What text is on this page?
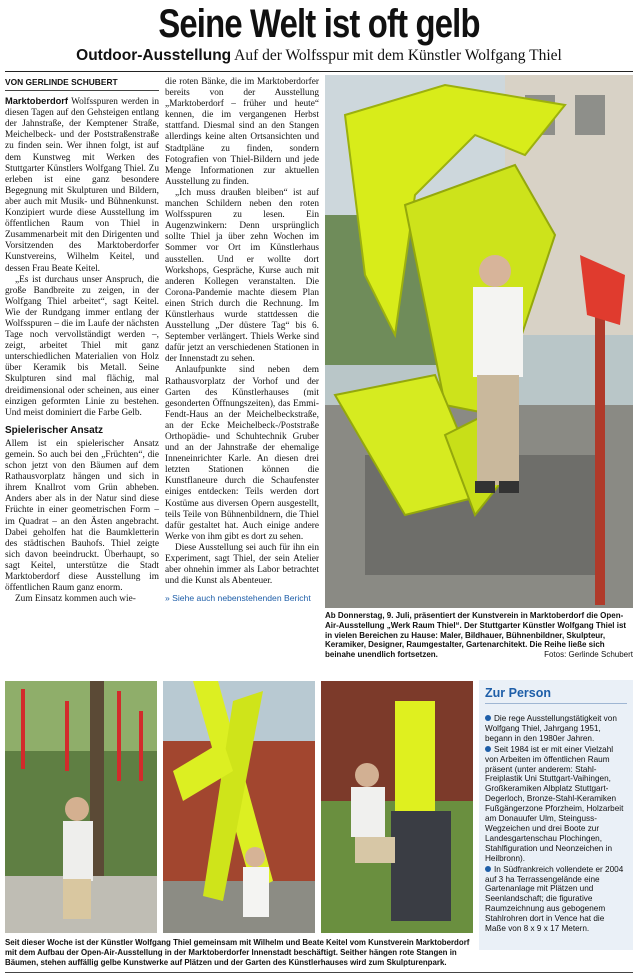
Seine Welt ist oft gelb
Outdoor-Ausstellung Auf der Wolfsspur mit dem Künstler Wolfgang Thiel
VON GERLINDE SCHUBERT

Marktoberdorf Wolfsspuren werden in diesen Tagen auf den Gehsteigen entlang der Jahnstraße, der Kemptener Straße, Meichelbeck- und der Poststraßenstraße zu finden sein. Wer ihnen folgt, ist auf dem Kunstweg mit Werken des Stuttgarter Künstlers Wolfgang Thiel. Zu erleben ist eine ganz besondere Begegnung mit Skulpturen und Bildern, aber auch mit Musik- und Bühnenkunst. Konzipiert wurde diese Ausstellung im öffentlichen Raum von Thiel in Zusammenarbeit mit den Dirigenten und Vorsitzenden des Marktoberdorfer Kunstvereins, Wilhelm Keitel, und dessen Frau Beate Keitel.

„Es ist durchaus unser Anspruch, die große Bandbreite zu zeigen, in der Wolfgang Thiel arbeitet“, sagt Keitel. Wie der Rundgang immer entlang der Wolfsspuren – die im Laufe der nächsten Tage noch vervollständigt werden –, zeigt, arbeitet Thiel mit ganz unterschiedlichen Materialien von Holz über Keramik bis Metall. Seine Skulpturen sind mal flächig, mal dreidimensional oder scheinen, aus einer einzigen geformten Linie zu bestehen. Und meist dominiert die Farbe Gelb.

Spielerischer Ansatz

Allem ist ein spielerischer Ansatz gemein. So auch bei den „Früchten“, die schon jetzt von den Bäumen auf dem Rathausvorplatz hängen und sich in ihrem Knallrot vom Grün abheben. Anders aber als in der Natur sind diese Früchte in einer geometrischen Form – im Quadrat – an den Ästen angebracht. Dabei geholfen hat die Baumkletterin des städtischen Bauhofs. Thiel zeigte sich davon beeindruckt. Überhaupt, so sagt Keitel, unterstütze die Stadt Marktoberdorf diese Ausstellung im öffentlichen Raum ganz enorm.

Zum Einsatz kommen auch wie-

die roten Bänke, die im Marktoberdorfer bereits von der Ausstellung „Marktoberdorf – früher und heute“ kennen, die im vergangenen Herbst stattfand. Diesmal sind an den Stangen allerdings keine alten Ortsansichten und Stadtpläne zu finden, sondern Fotografien von Thiel-Bildern und jede Menge Informationen zur aktuellen Ausstellung zu finden.

„Ich muss draußen bleiben“ ist auf manchen Schildern neben den roten Wolfsspuren zu lesen. Ein Augenzwinkern: Denn ursprünglich sollte Thiel ja über zehn Wochen im Sommer vor Ort im Künstlerhaus ausstellen. Und er wollte dort Workshops, Gespräche, Kurse auch mit anderen Kollegen veranstalten. Die Corona-Pandemie machte diesem Plan einen Strich durch die Rechnung. Im Künstlerhaus wurde stattdessen die Ausstellung „Der düstere Tag“ bis 6. September verlängert. Thiels Werke sind dafür jetzt an verschiedenen Stationen in der Innenstadt zu sehen.

Anlaufpunkte sind neben dem Rathausvorplatz der Vorhof und der Garten des Künstlerhauses (mit gesonderten Öffnungszeiten), das Emmi-Fendt-Haus an der Meichelbeckstraße, an der Ecke Meichelbeck-/Poststraße Orthopädie- und Schuhtechnik Gruber und an der Jahnstraße der ehemalige Inneneinrichter Karle. An diesen drei letzten Stationen können die Kunstflaneure durch die Schaufenster einiges entdecken: Teils werden dort Kostüme aus diversen Opern ausgestellt, teils Teile von Bühnenbildnern, die Thiel dafür gestaltet hat. Auch einige andere Werke von ihm gibt es dort zu sehen.

Diese Ausstellung sei auch für ihn ein Experiment, sagt Thiel, der sein Atelier aber ohnehin immer als Labor betrachtet und die Kunst als Abenteuer.

» Siehe auch nebenstehenden Bericht
Ab Donnerstag, 9. Juli, präsentiert der Kunstverein in Marktoberdorf die Open-Air-Ausstellung „Werk Raum Thiel“. Der Stuttgarter Künstler Wolfgang Thiel ist in vielen Bereichen zu Hause: Maler, Bildhauer, Bühnenbildner, Skulpteur, Keramiker, Designer, Raumgestalter, Gartenarchitekt. Die Reihe ließe sich beinahe unendlich fortsetzen.	Fotos: Gerlinde Schubert
Seit dieser Woche ist der Künstler Wolfgang Thiel gemeinsam mit Wilhelm und Beate Keitel vom Kunstverein Marktoberdorf mit dem Aufbau der Open-Air-Ausstellung in der Marktoberdorfer Innenstadt beschäftigt. Seither hängen rote Stangen in Bäumen, stehen auffällig gelbe Kunstwerke auf Plätzen und der Garten des Künstlerhauses wird zum Skulpturenpark.
Zur Person
Die rege Ausstellungstätigkeit von Wolfgang Thiel, Jahrgang 1951, begann in den 1980er Jahren.
Seit 1984 ist er mit einer Vielzahl von Arbeiten im öffentlichen Raum präsent (unter anderem: Stahl-Freiplastik Uni Stuttgart-Vaihingen, Großkeramiken Albplatz Stuttgart-Degerloch, Bronze-Stahl-Keramiken Fußgängerzone Pforzheim, Holzarbeit am Donauufer Ulm, Steinguss-Wegzeichen und drei Boote zur Landesgartenschau Plochingen, Stahlfiguration und Neonzeichen in Heilbronn).
In Südfrankreich vollendete er 2004 auf 3 ha Terrassengelände eine Gartenanlage mit Plätzen und Seenlandschaft; die figurative Raumzeichnung aus gebogenem Stahlrohren dort in Vence hat die Maße von 8 x 9 x 17 Metern.
